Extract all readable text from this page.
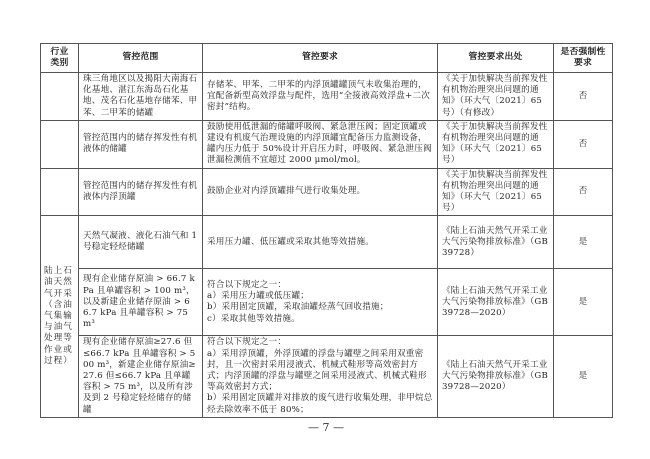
行业类别	管控范围	管控要求	管控要求出处	是否强制性要求
	珠三角地区以及揭阳大南海石化基地、湛江东海岛石化基地、茂名石化基地存储苯、甲苯、二甲苯的储罐	存储苯、甲苯、二甲苯的内浮顶罐罐顶气未收集治理的，宜配备新型高效浮盘与配件，选用“全接液高效浮盘+二次密封”结构。	《关于加快解决当前挥发性有机物治理突出问题的通知》（环大气〔2021〕65号）（有修改）	否
	管控范围内的储存挥发性有机液体的储罐	鼓励使用低泄漏的储罐呼吸阀、紧急泄压阀；固定顶罐或建设有机废气治理设施的内浮顶罐宜配备压力监测设备，罐内压力低于 50%设计开启压力时，呼吸阀、紧急泄压阀泄漏检测值不宜超过 2000 μmol/mol。	《关于加快解决当前挥发性有机物治理突出问题的通知》（环大气〔2021〕65号）	否
	管控范围内的储存挥发性有机液体内浮顶罐	鼓励企业对内浮顶罐排气进行收集处理。	《关于加快解决当前挥发性有机物治理突出问题的通知》（环大气〔2021〕65号）	否
陆上石油天然气开采（含油气集输与油气处理等作业或过程）	天然气凝液、液化石油气和 1 号稳定轻烃储罐	采用压力罐、低压罐或采取其他等效措施。	《陆上石油天然气开采工业大气污染物排放标准》（GB 39728）	是
	现有企业储存原油 > 66.7 kPa 且单罐容积 > 100 m³，以及新建企业储存原油 > 66.7 kPa 且单罐容积 > 75 m³	符合以下规定之一：
a）采用压力罐或低压罐；
b）采用固定顶罐，采取油罐烃蒸气回收措施；
c）采取其他等效措施。	《陆上石油天然气开采工业大气污染物排放标准》（GB 39728—2020）	是
	现有企业储存原油≥27.6 但≤66.7 kPa 且单罐容积 > 500 m³，新建企业储存原油≥27.6 但≤66.7 kPa 且单罐容积 > 75 m³，以及所有涉及到 2 号稳定轻烃储存的储罐	符合以下规定之一：
a）采用浮顶罐，外浮顶罐的浮盘与罐壁之间采用双重密封，且一次密封采用浸液式、机械式鞋形等高效密封方式；内浮顶罐的浮盘与罐壁之间采用浸液式、机械式鞋形等高效密封方式；
b）采用固定顶罐并对排放的废气进行收集处理，非甲烷总烃去除效率不低于 80%；	《陆上石油天然气开采工业大气污染物排放标准》（GB 39728—2020）	是
— 7 —
